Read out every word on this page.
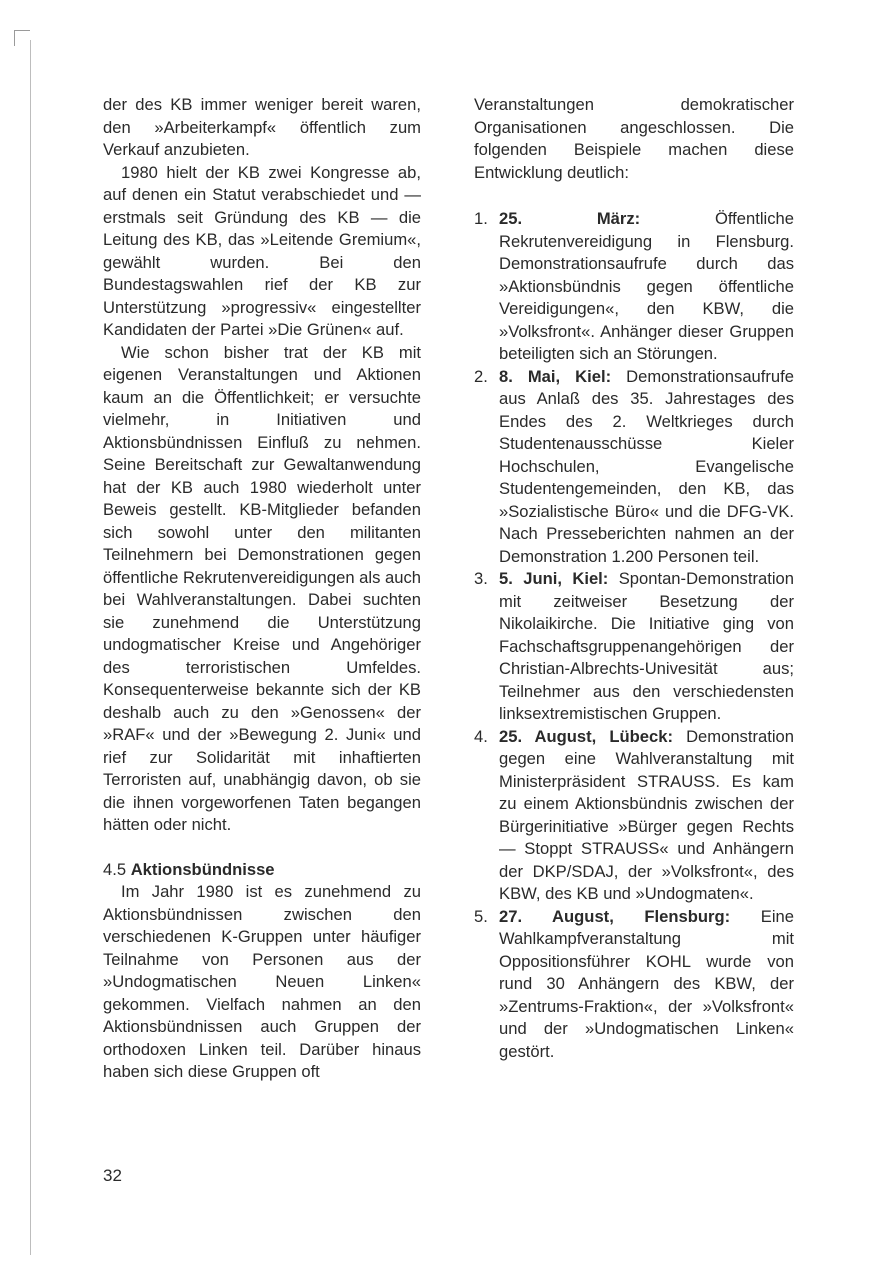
der des KB immer weniger bereit waren, den »Arbeiterkampf« öffentlich zum Verkauf anzubieten.

1980 hielt der KB zwei Kongresse ab, auf denen ein Statut verabschiedet und — erstmals seit Gründung des KB — die Leitung des KB, das »Leitende Gremium«, gewählt wurden. Bei den Bundestagswahlen rief der KB zur Unterstützung »progressiv« eingestellter Kandidaten der Partei »Die Grünen« auf.

Wie schon bisher trat der KB mit eigenen Veranstaltungen und Aktionen kaum an die Öffentlichkeit; er versuchte vielmehr, in Initiativen und Aktionsbündnissen Einfluß zu nehmen. Seine Bereitschaft zur Gewaltanwendung hat der KB auch 1980 wiederholt unter Beweis gestellt. KB-Mitglieder befanden sich sowohl unter den militanten Teilnehmern bei Demonstrationen gegen öffentliche Rekrutenvereidigungen als auch bei Wahlveranstaltungen. Dabei suchten sie zunehmend die Unterstützung undogmatischer Kreise und Angehöriger des terroristischen Umfeldes. Konsequenterweise bekannte sich der KB deshalb auch zu den »Genossen« der »RAF« und der »Bewegung 2. Juni« und rief zur Solidarität mit inhaftierten Terroristen auf, unabhängig davon, ob sie die ihnen vorgeworfenen Taten begangen hätten oder nicht.

4.5 Aktionsbündnisse

Im Jahr 1980 ist es zunehmend zu Aktionsbündnissen zwischen den verschiedenen K-Gruppen unter häufiger Teilnahme von Personen aus der »Undogmatischen Neuen Linken« gekommen. Vielfach nahmen an den Aktionsbündnissen auch Gruppen der orthodoxen Linken teil. Darüber hinaus haben sich diese Gruppen oft

Veranstaltungen demokratischer Organisationen angeschlossen. Die folgenden Beispiele machen diese Entwicklung deutlich:

1. 25. März:	Öffentliche Rekrutenvereidigung in Flensburg. Demonstrationsaufrufe durch das »Aktionsbündnis gegen öffentliche Vereidigungen«, den KBW, die »Volksfront«. Anhänger dieser Gruppen beteiligten sich an Störungen.
2. 8. Mai, Kiel: Demonstrationsaufrufe aus Anlaß des 35. Jahrestages des Endes des 2. Weltkrieges durch Studentenausschüsse Kieler Hochschulen, Evangelische Studentengemeinden, den KB, das »Sozialistische Büro« und die DFG-VK. Nach Presseberichten nahmen an der Demonstration 1.200 Personen teil.
3. 5. Juni, Kiel: Spontan-Demonstration mit zeitweiser Besetzung der Nikolaikirche. Die Initiative ging von Fachschaftsgruppenangehörigen der Christian-Albrechts-Univesität aus; Teilnehmer aus den verschiedensten linksextremistischen Gruppen.
4. 25. August, Lübeck: Demonstration gegen eine Wahlveranstaltung mit Ministerpräsident STRAUSS. Es kam zu einem Aktionsbündnis zwischen der Bürgerinitiative »Bürger gegen Rechts — Stoppt STRAUSS« und Anhängern der DKP/SDAJ, der »Volksfront«, des KBW, des KB und »Undogmaten«.
5. 27. August, Flensburg: Eine Wahlkampfveranstaltung mit Oppositionsführer KOHL wurde von rund 30 Anhängern des KBW, der »Zentrums-Fraktion«, der »Volksfront« und der »Undogmatischen Linken« gestört.
32
